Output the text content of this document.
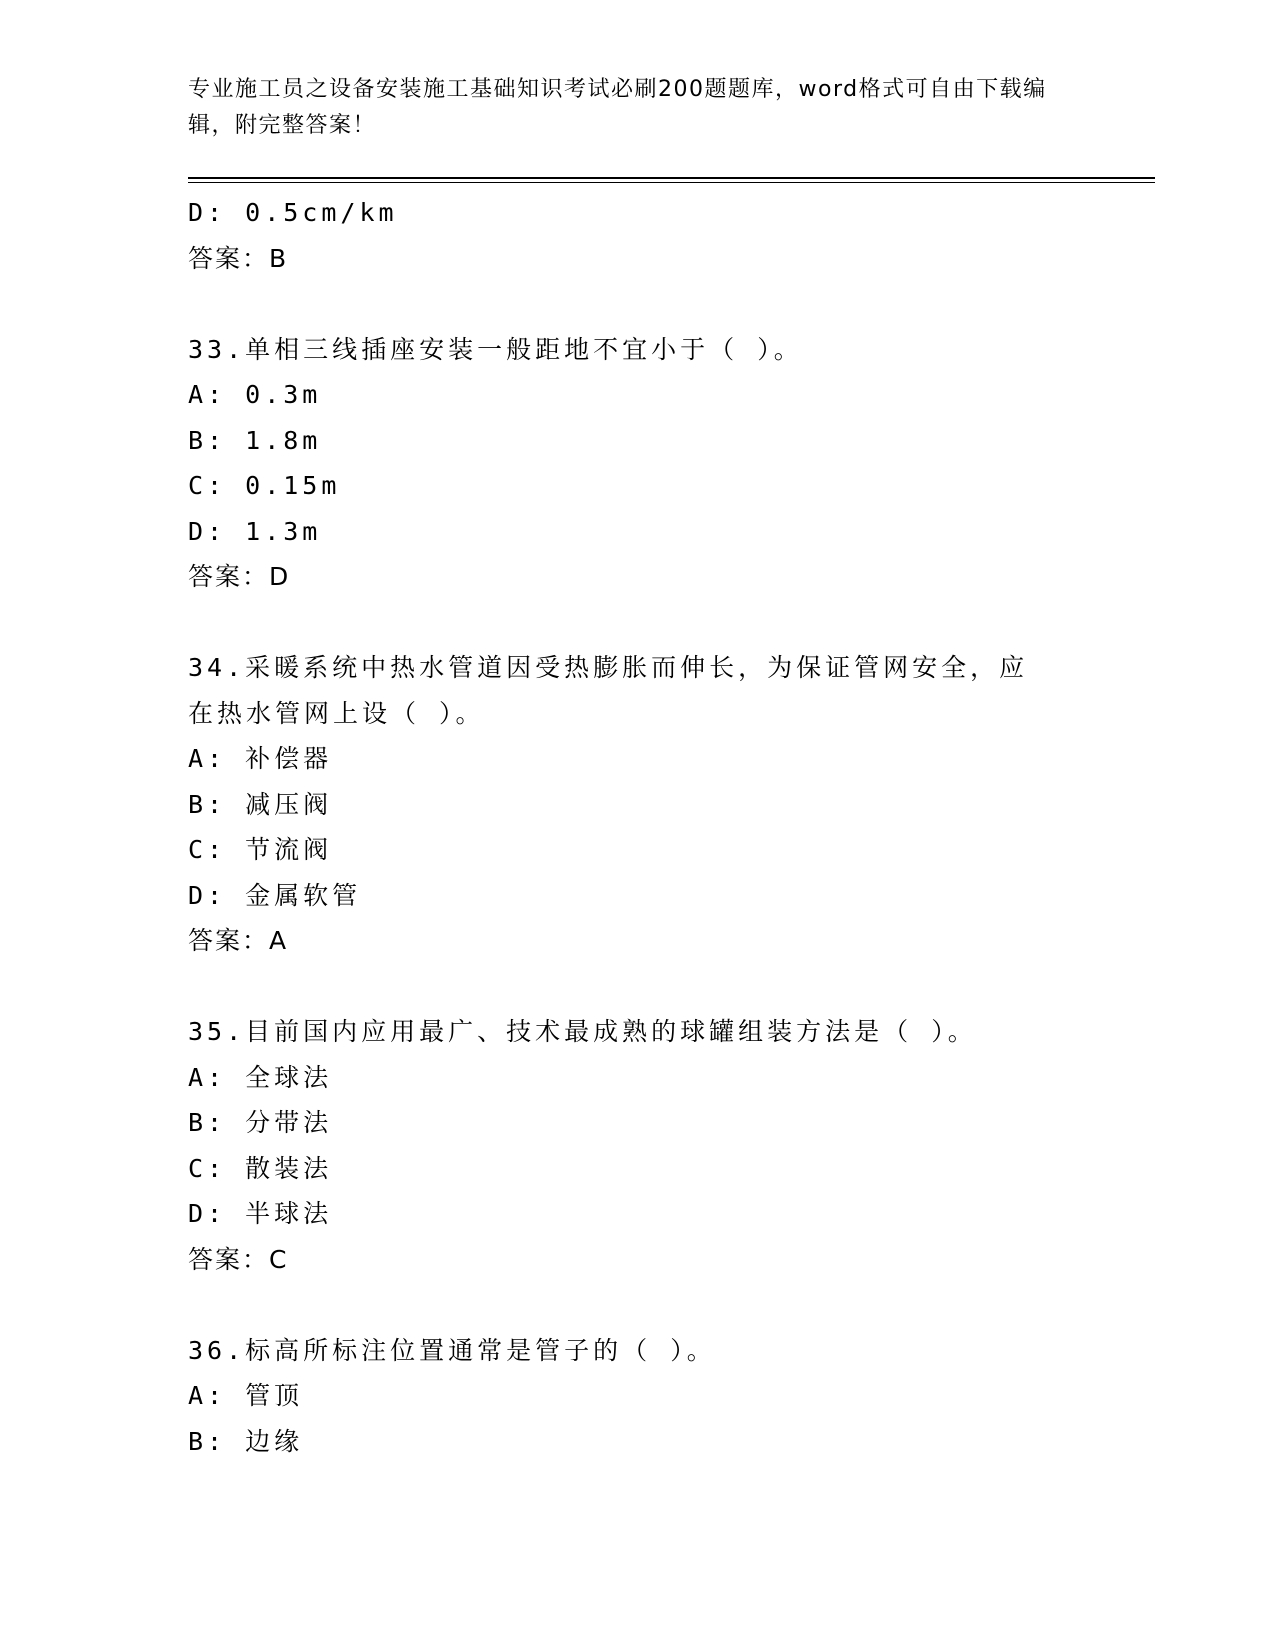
专业施工员之设备安装施工基础知识考试必刷200题题库，word格式可自由下载编辑，附完整答案！
D: 0.5cm/km
答案：B
33.单相三线插座安装一般距地不宜小于（ ）。
A: 0.3m
B: 1.8m
C: 0.15m
D: 1.3m
答案：D
34.采暖系统中热水管道因受热膨胀而伸长，为保证管网安全，应在热水管网上设（ ）。
A: 补偿器
B: 减压阀
C: 节流阀
D: 金属软管
答案：A
35.目前国内应用最广、技术最成熟的球罐组装方法是（ ）。
A: 全球法
B: 分带法
C: 散装法
D: 半球法
答案：C
36.标高所标注位置通常是管子的（ ）。
A: 管顶
B: 边缘
